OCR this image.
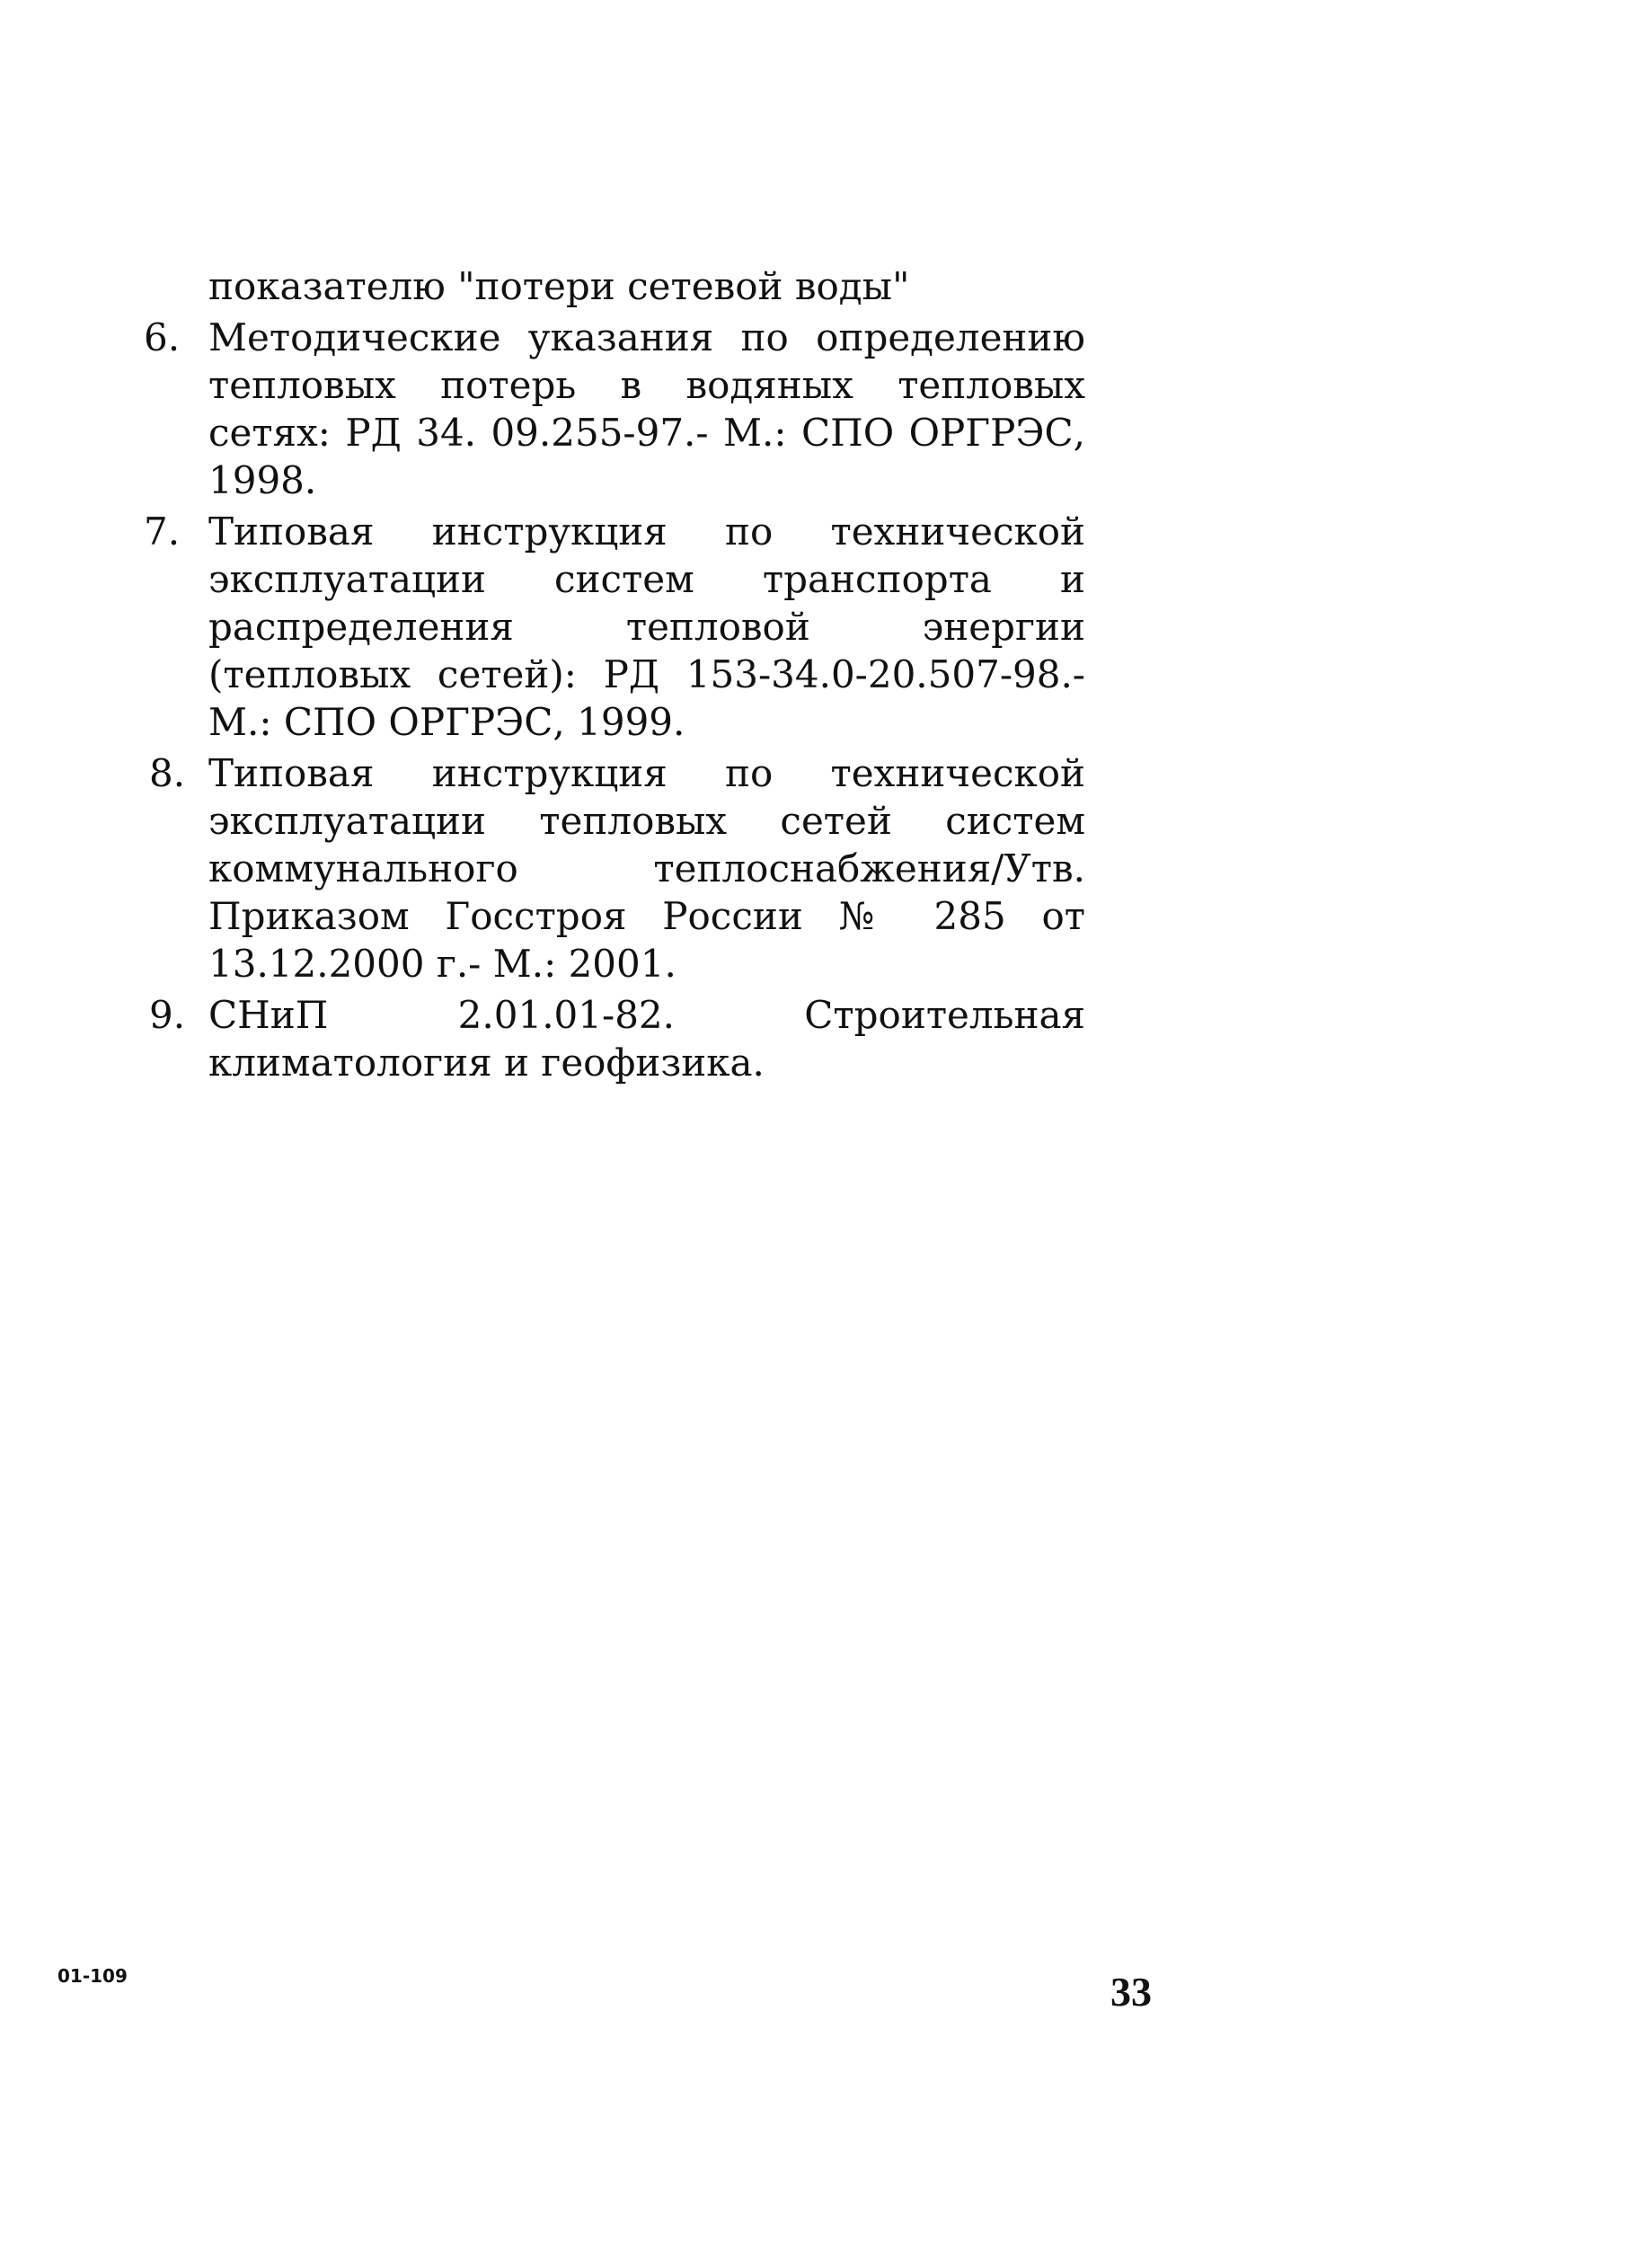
показателю "потери сетевой воды"
6. Методические указания по определению тепловых потерь в водяных тепловых сетях: РД 34. 09.255-97.- М.: СПО ОРГРЭС, 1998.
7. Типовая инструкция по технической эксплуатации систем транспорта и распределения тепловой энергии (тепловых сетей): РД 153-34.0-20.507-98.- М.: СПО ОРГРЭС, 1999.
8. Типовая инструкция по технической эксплуатации тепловых сетей систем коммунального теплоснабжения/Утв. Приказом Госстроя России № 285 от 13.12.2000 г.- М.: 2001.
9. СНиП 2.01.01-82. Строительная климатология и геофизика.
01-109	33
